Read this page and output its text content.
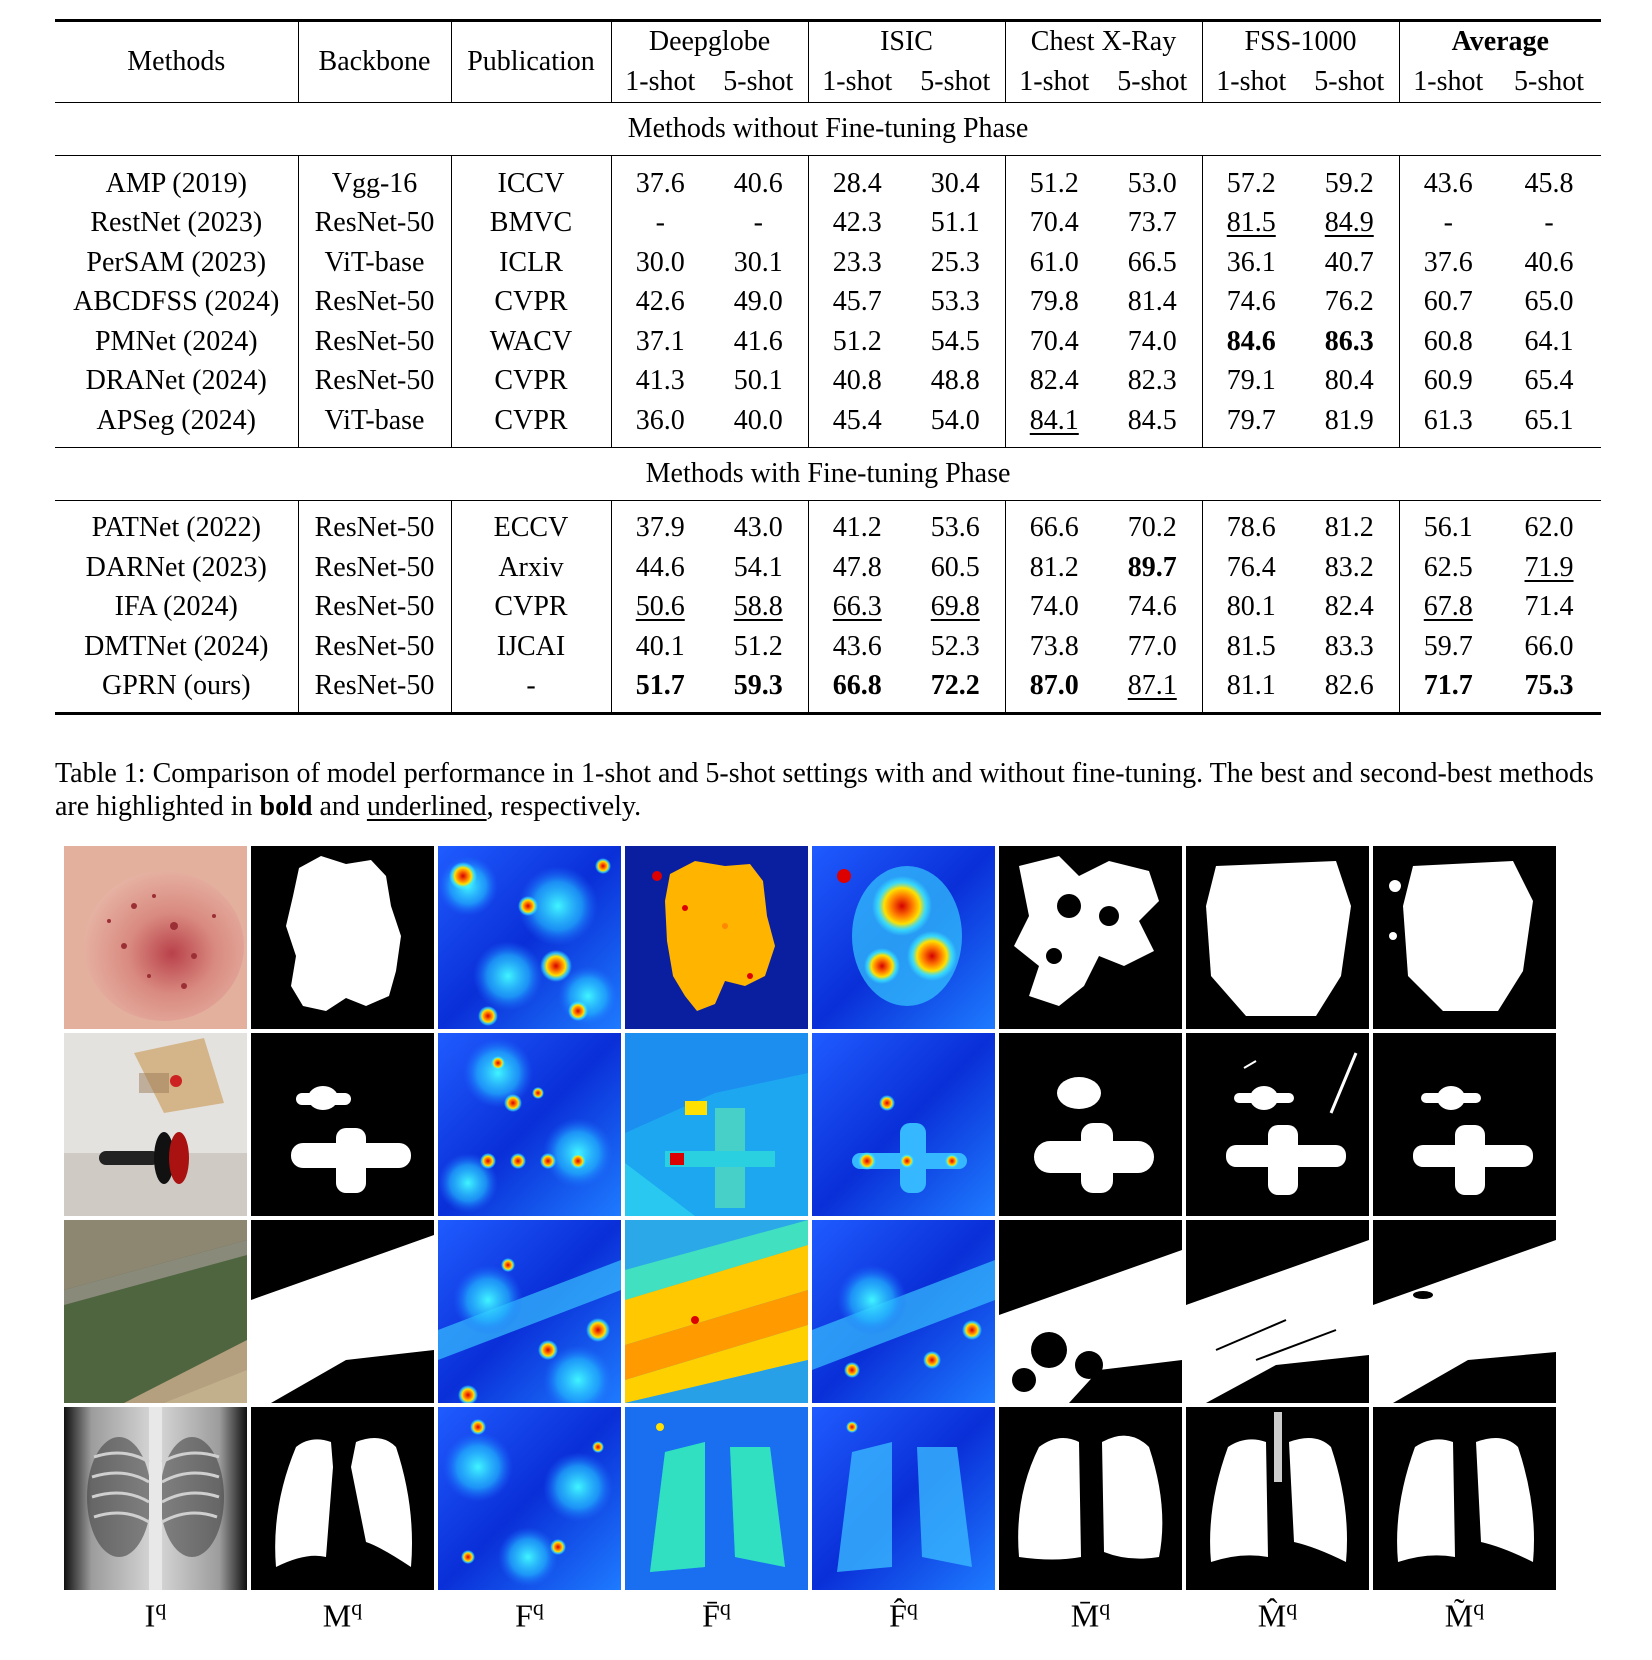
Methods	Backbone	Publication	Deepglobe		ISIC		Chest X-Ray		FSS-1000		Average	
			1-shot	5-shot	1-shot	5-shot	1-shot	5-shot	1-shot	5-shot	1-shot	5-shot
Methods without Fine-tuning Phase												
AMP (2019)	Vgg-16	ICCV	37.6	40.6	28.4	30.4	51.2	53.0	57.2	59.2	43.6	45.8
RestNet (2023)	ResNet-50	BMVC	-	-	42.3	51.1	70.4	73.7	81.5	84.9	-	-
PerSAM (2023)	ViT-base	ICLR	30.0	30.1	23.3	25.3	61.0	66.5	36.1	40.7	37.6	40.6
ABCDFSS (2024)	ResNet-50	CVPR	42.6	49.0	45.7	53.3	79.8	81.4	74.6	76.2	60.7	65.0
PMNet (2024)	ResNet-50	WACV	37.1	41.6	51.2	54.5	70.4	74.0	84.6	86.3	60.8	64.1
DRANet (2024)	ResNet-50	CVPR	41.3	50.1	40.8	48.8	82.4	82.3	79.1	80.4	60.9	65.4
APSeg (2024)	ViT-base	CVPR	36.0	40.0	45.4	54.0	84.1	84.5	79.7	81.9	61.3	65.1
Methods with Fine-tuning Phase												
PATNet (2022)	ResNet-50	ECCV	37.9	43.0	41.2	53.6	66.6	70.2	78.6	81.2	56.1	62.0
DARNet (2023)	ResNet-50	Arxiv	44.6	54.1	47.8	60.5	81.2	89.7	76.4	83.2	62.5	71.9
IFA (2024)	ResNet-50	CVPR	50.6	58.8	66.3	69.8	74.0	74.6	80.1	82.4	67.8	71.4
DMTNet (2024)	ResNet-50	IJCAI	40.1	51.2	43.6	52.3	73.8	77.0	81.5	83.3	59.7	66.0
GPRN (ours)	ResNet-50	-	51.7	59.3	66.8	72.2	87.0	87.1	81.1	82.6	71.7	75.3
Table 1: Comparison of model performance in 1-shot and 5-shot settings with and without fine-tuning. The best and second-best methods are highlighted in bold and underlined, respectively.
$I^q$	$M^q$	$F^q$	F̄$^q$	F̂$^q$	M̄$^q$	M̂$^q$	M̃$^q$
